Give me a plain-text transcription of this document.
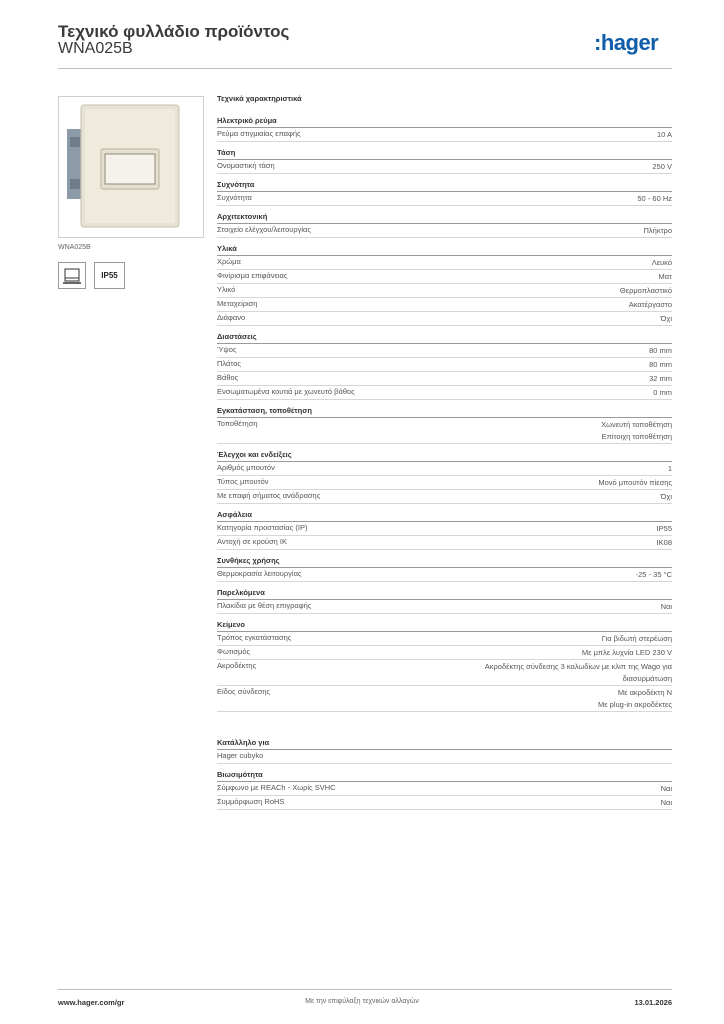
Τεχνικό φυλλάδιο προϊόντος
WNA025B	:hager
WNA025B
IP55
Τεχνικά χαρακτηριστικά
Ηλεκτρικό ρεύμα
Ρεύμα στιγμιαίας επαφής	10 A
Τάση
Ονομαστική τάση	250 V
Συχνότητα
Συχνότητα	50 - 60 Hz
Αρχιτεκτονική
Στοιχείο ελέγχου/λειτουργίας	Πλήκτρο
Υλικά
Χρώμα	Λευκό
Φινίρισμα επιφάνειας	Ματ
Υλικό	Θερμοπλαστικό
Μεταχείριση	Ακατέργαστο
Διάφανο	Όχι
Διαστάσεις
Ύψος	80 mm
Πλάτος	80 mm
Βάθος	32 mm
Ενσωματωμένα κουτιά με χωνευτό βάθος	0 mm
Εγκατάσταση, τοποθέτηση
Τοποθέτηση	Χωνευτή τοποθέτηση
Επίτοιχη τοποθέτηση
Έλεγχοι και ενδείξεις
Αριθμός μπουτόν	1
Τύπος μπουτόν	Μονό μπουτόν πίεσης
Με επαφή σήματος ανάδρασης	Όχι
Ασφάλεια
Κατηγορία προστασίας (IP)	IP55
Αντοχή σε κρούση IK	IK08
Συνθήκες χρήσης
Θερμοκρασία λειτουργίας	-25 - 35 °C
Παρελκόμενα
Πλακίδια με θέση επιγραφής	Ναι
Κείμενο
Τρόπος εγκατάστασης	Για βιδωτή στερέωση
Φωτισμός	Με μπλε λυχνία LED 230 V
Ακροδέκτης	Ακροδέκτης σύνδεσης 3 καλωδίων με κλιπ της Wago για
διασυρμάτωση
Είδος σύνδεσης	Με ακροδέκτη N
Με plug-in ακροδέκτες
Κατάλληλο για
Hager cubyko
Βιωσιμότητα
Σύμφωνο με REACh - Χωρίς SVHC	Ναι
Συμμόρφωση RoHS	Ναι
www.hager.com/gr	Με την επιφύλαξη τεχνικών αλλαγών	13.01.2026
